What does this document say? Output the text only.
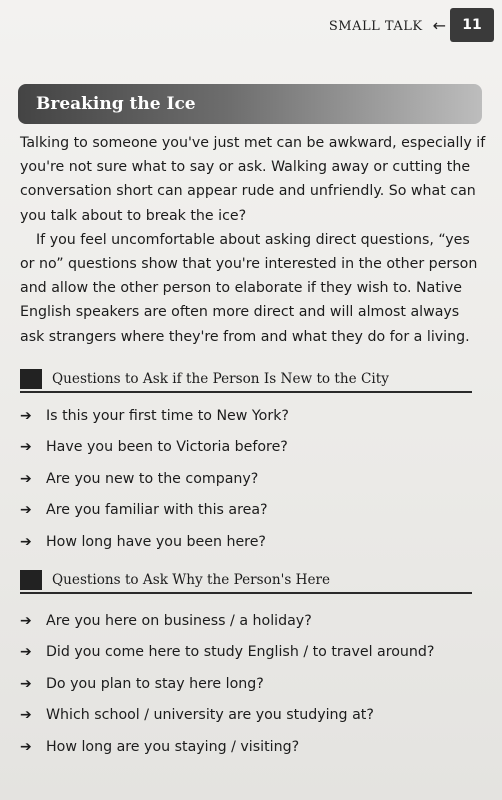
SMALL TALK ←	11
Breaking the Ice

Talking to someone you've just met can be awkward, especially if you're not sure what to say or ask. Walking away or cutting the conversation short can appear rude and unfriendly. So what can you talk about to break the ice?

If you feel uncomfortable about asking direct questions, “yes or no” questions show that you're interested in the other person and allow the other person to elaborate if they wish to. Native English speakers are often more direct and will almost always ask strangers where they're from and what they do for a living.

Questions to Ask if the Person Is New to the City
➔	Is this your first time to New York?
➔	Have you been to Victoria before?
➔	Are you new to the company?
➔	Are you familiar with this area?
➔	How long have you been here?
Questions to Ask Why the Person's Here
➔	Are you here on business / a holiday?
➔	Did you come here to study English / to travel around?
➔	Do you plan to stay here long?
➔	Which school / university are you studying at?
➔	How long are you staying / visiting?
